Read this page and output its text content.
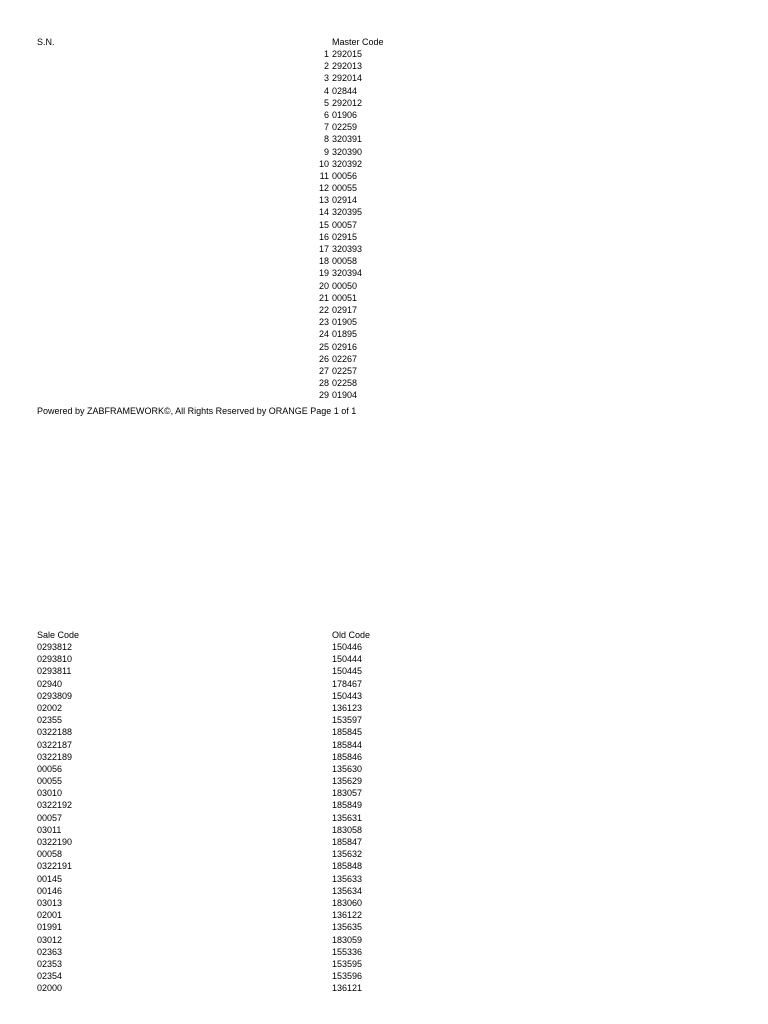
S.N.	Master Code
1 292015
2 292013
3 292014
4 02844
5 292012
6 01906
7 02259
8 320391
9 320390
10 320392
11 00056
12 00055
13 02914
14 320395
15 00057
16 02915
17 320393
18 00058
19 320394
20 00050
21 00051
22 02917
23 01905
24 01895
25 02916
26 02267
27 02257
28 02258
29 01904
Powered by ZABFRAMEWORK©, All Rights Reserved by ORANGE Page 1 of 1
Sale Code	Old Code
0293812
0293810
0293811
02940
0293809
02002
02355
0322188
0322187
0322189
00056
00055
03010
0322192
00057
03011
0322190
00058
0322191
00145
00146
03013
02001
01991
03012
02363
02353
02354
02000
150446
150444
150445
178467
150443
136123
153597
185845
185844
185846
135630
135629
183057
185849
135631
183058
185847
135632
185848
135633
135634
183060
136122
135635
183059
155336
153595
153596
136121
